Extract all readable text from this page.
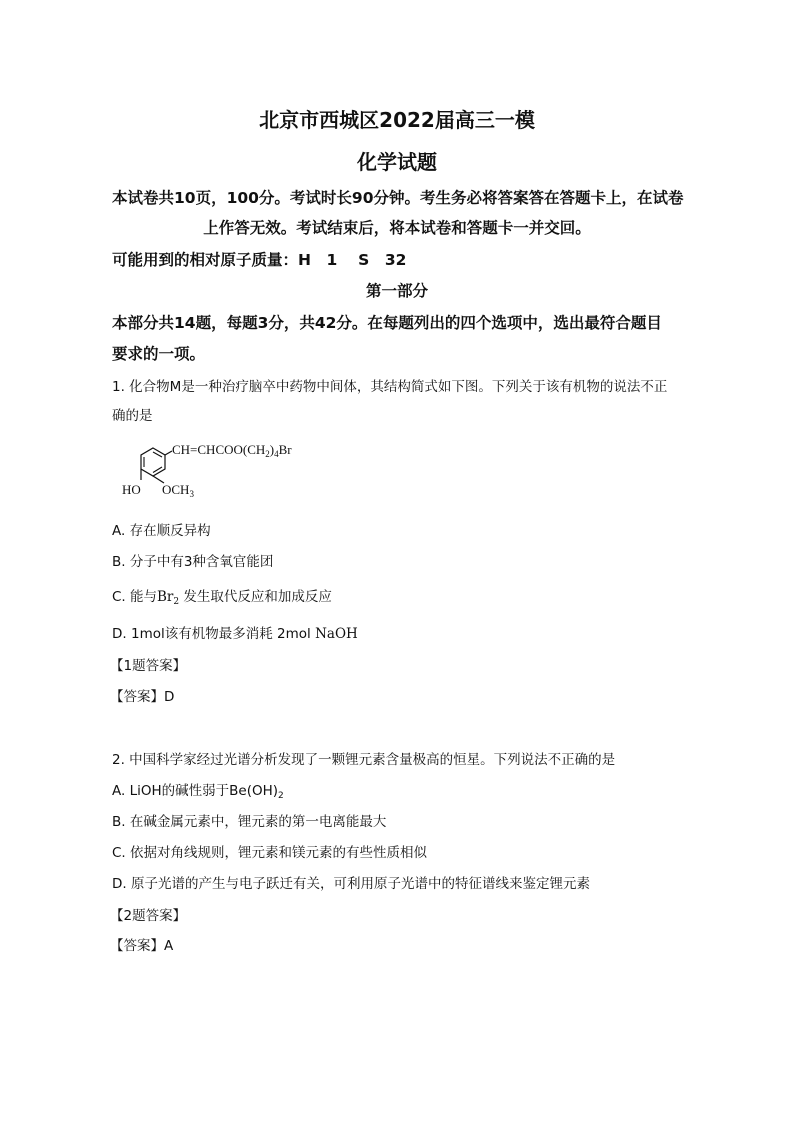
北京市西城区2022届高三一模
化学试题
本试卷共10页，100分。考试时长90分钟。考生务必将答案答在答题卡上，在试卷
上作答无效。考试结束后，将本试卷和答题卡一并交回。
可能用到的相对原子质量：H　1　 S　32
第一部分
本部分共14题，每题3分，共42分。在每题列出的四个选项中，选出最符合题目
要求的一项。
1. 化合物M是一种治疗脑卒中药物中间体，其结构简式如下图。下列关于该有机物的说法不正
确的是
$CH=CHCOO(CH_2)_4Br$
HO $OCH_3$
A. 存在顺反异构
B. 分子中有3种含氧官能团
C. 能与$Br_2$ 发生取代反应和加成反应
D. 1mol该有机物最多消耗 2mol NaOH
【1题答案】
【答案】D
2. 中国科学家经过光谱分析发现了一颗锂元素含量极高的恒星。下列说法不正确的是
A. LiOH的碱性弱于$Be(OH)_2$
B. 在碱金属元素中，锂元素的第一电离能最大
C. 依据对角线规则，锂元素和镁元素的有些性质相似
D. 原子光谱的产生与电子跃迁有关，可利用原子光谱中的特征谱线来鉴定锂元素
【2题答案】
【答案】A
